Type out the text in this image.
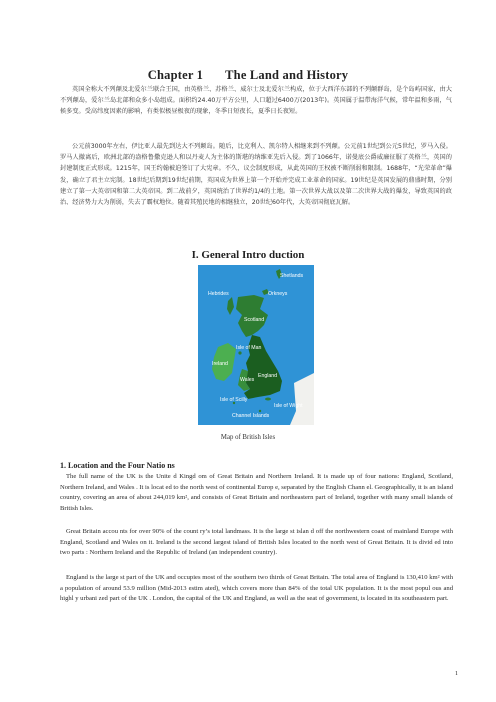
Chapter 1 The Land and History
英国全称大不列颠及北爱尔兰联合王国，由英格兰、苏格兰、威尔士及北爱尔兰构成，位于大西洋东部的不列颠群岛，是个岛屿国家，由大不列颠岛，爱尔兰岛北部和众多小岛组成。面积约24.40万平方公里，人口超过6400万(2013年)。英国属于温带海洋气候，常年温和多雨，气候多变。受高纬度因素的影响，有类似极昼极夜的现象，冬季日短夜长，夏季日长夜短。
公元前3000年左右，伊比亚人最先到达大不列颠岛。随后，比克利人、凯尔特人相继来到不列颠。公元前1世纪到公元5世纪，罗马入侵。罗马人撤离后，欧洲北部的盎格鲁撒克逊人和以丹麦人为主体的斯堪的纳维亚先后入侵。到了1066年，诺曼底公爵威廉征服了英格兰，英国的封建制度正式形成。1215年，国王约翰被迫签订了大宪章。不久，议会制度形成，从此英国的王权被不断削弱和限制。1688年，“光荣革命”爆发，确立了君主立宪制。18世纪后期到19世纪前期，英国成为世界上第一个开始并完成工业革命的国家。19世纪是英国发展的鼎盛时期，分别建立了第一大英帝国和第二大英帝国。到二战前夕，英国统治了世界约1/4的土地。第一次世界大战以及第二次世界大战的爆发，导致英国的政治、经济势力大为削弱，失去了霸权地位。随着其殖民地的相继独立，20世纪60年代，大英帝国彻底瓦解。
I. General Intro duction
Shetlands
Orkneys
Hebrides
Scotland
Isle of Man
Ireland
Wales
England
Isle of Wight
Isle of Scilly
Channel Islands
Map of British Isles
1. Location and the Four Natio ns
The full name of the UK is the Unite d Kingd om of Great Britain and Northern Ireland. It is made up of four nations: England, Scotland, Northern Ireland, and Wales . It is locat ed to the north west of continental Europ e, separated by the English Chann el. Geographically, it is an island country, covering an area of about 244,019 km², and consists of Great Britain and northeastern part of Ireland, together with many small islands of British Isles.
Great Britain accou nts for over 90% of the count ry’s total landmass. It is the large st islan d off the northwestern coast of mainland Europe with England, Scotland and Wales on it. Ireland is the second largest island of British Isles located to the north west of Great Britain. It is divid ed into two parts : Northern Ireland and the Republic of Ireland (an independent country).
England is the large st part of the UK and occupies most of the southern two thirds of Great Britain. The total area of England is 130,410 km² with a population of around 53.9 million (Mid-2013 estim ated), which covers more than 84% of the total UK population. It is the most popul ous and highl y urbani zed part of the UK . London, the capital of the UK and England, as well as the seat of government, is located in its southeastern part.
1
